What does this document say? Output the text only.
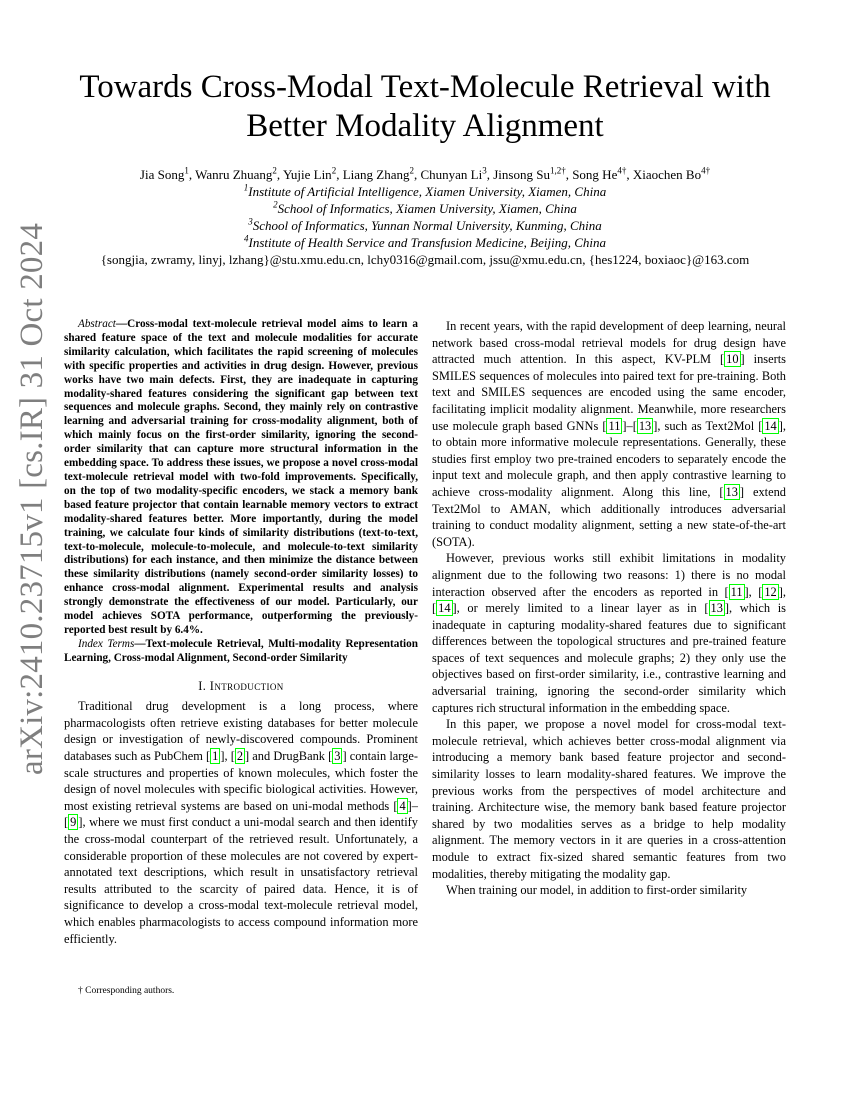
arXiv:2410.23715v1 [cs.IR] 31 Oct 2024
Towards Cross-Modal Text-Molecule Retrieval with Better Modality Alignment
Jia Song$^1$, Wanru Zhuang$^2$, Yujie Lin$^2$, Liang Zhang$^2$, Chunyan Li$^3$, Jinsong $Su^{1,2\dagger}$, Song $He^{4\dagger}$, Xiaochen $Bo^{4\dagger}$
$^1$Institute of Artificial Intelligence, Xiamen University, Xiamen, China
$^2$School of Informatics, Xiamen University, Xiamen, China
$^3$School of Informatics, Yunnan Normal University, Kunming, China
$^4$Institute of Health Service and Transfusion Medicine, Beijing, China
{songjia, zwramy, linyj, lzhang}@stu.xmu.edu.cn, lchy0316@gmail.com, jssu@xmu.edu.cn, {hes1224, boxiaoc}@163.com

Abstract—Cross-modal text-molecule retrieval model aims to learn a shared feature space of the text and molecule modalities for accurate similarity calculation, which facilitates the rapid screening of molecules with specific properties and activities in drug design. However, previous works have two main defects. First, they are inadequate in capturing modality-shared features considering the significant gap between text sequences and molecule graphs. Second, they mainly rely on contrastive learning and adversarial training for cross-modality alignment, both of which mainly focus on the first-order similarity, ignoring the second-order similarity that can capture more structural information in the embedding space. To address these issues, we propose a novel cross-modal text-molecule retrieval model with two-fold improvements. Specifically, on the top of two modality-specific encoders, we stack a memory bank based feature projector that contain learnable memory vectors to extract modality-shared features better. More importantly, during the model training, we calculate four kinds of similarity distributions (text-to-text, text-to-molecule, molecule-to-molecule, and molecule-to-text similarity distributions) for each instance, and then minimize the distance between these similarity distributions (namely second-order similarity losses) to enhance cross-modal alignment. Experimental results and analysis strongly demonstrate the effectiveness of our model. Particularly, our model achieves SOTA performance, outperforming the previously-reported best result by 6.4%.

Index Terms—Text-molecule Retrieval, Multi-modality Representation Learning, Cross-modal Alignment, Second-order Similarity

I. Introduction

Traditional drug development is a long process, where pharmacologists often retrieve existing databases for better molecule design or investigation of newly-discovered compounds. Prominent databases such as PubChem [ 1 ], [ 2 ] and DrugBank [ 3 ] contain large-scale structures and properties of known molecules, which foster the design of novel molecules with specific biological activities. However, most existing retrieval systems are based on uni-modal methods [ 4 ]–[ 9 ], where we must first conduct a uni-modal search and then identify the cross-modal counterpart of the retrieved result. Unfortunately, a considerable proportion of these molecules are not covered by expert-annotated text descriptions, which result in unsatisfactory retrieval results attributed to the scarcity of paired data. Hence, it is of significance to develop a cross-modal text-molecule retrieval model, which enables pharmacologists to access compound information more efficiently.

In recent years, with the rapid development of deep learning, neural network based cross-modal retrieval models for drug design have attracted much attention. In this aspect, KV-PLM [ 10 ] inserts SMILES sequences of molecules into paired text for pre-training. Both text and SMILES sequences are encoded using the same encoder, facilitating implicit modality alignment. Meanwhile, more researchers use molecule graph based GNNs [ 11 ]–[ 13 ], such as Text2Mol [ 14 ], to obtain more informative molecule representations. Generally, these studies first employ two pre-trained encoders to separately encode the input text and molecule graph, and then apply contrastive learning to achieve cross-modality alignment. Along this line, [ 13 ] extend Text2Mol to AMAN, which additionally introduces adversarial training to conduct modality alignment, setting a new state-of-the-art (SOTA).

However, previous works still exhibit limitations in modality alignment due to the following two reasons: 1) there is no modal interaction observed after the encoders as reported in [ 11 ], [ 12 ], [ 14 ], or merely limited to a linear layer as in [ 13 ], which is inadequate in capturing modality-shared features due to significant differences between the topological structures and pre-trained feature spaces of text sequences and molecule graphs; 2) they only use the objectives based on first-order similarity, i.e., contrastive learning and adversarial training, ignoring the second-order similarity which captures rich structural information in the embedding space.

In this paper, we propose a novel model for cross-modal text-molecule retrieval, which achieves better cross-modal alignment via introducing a memory bank based feature projector and second-similarity losses to learn modality-shared features. We improve the previous works from the perspectives of model architecture and training. Architecture wise, the memory bank based feature projector shared by two modalities serves as a bridge to help modality alignment. The memory vectors in it are queries in a cross-attention module to extract fix-sized shared semantic features from two modalities, thereby mitigating the modality gap.

When training our model, in addition to first-order similarity

† Corresponding authors.
